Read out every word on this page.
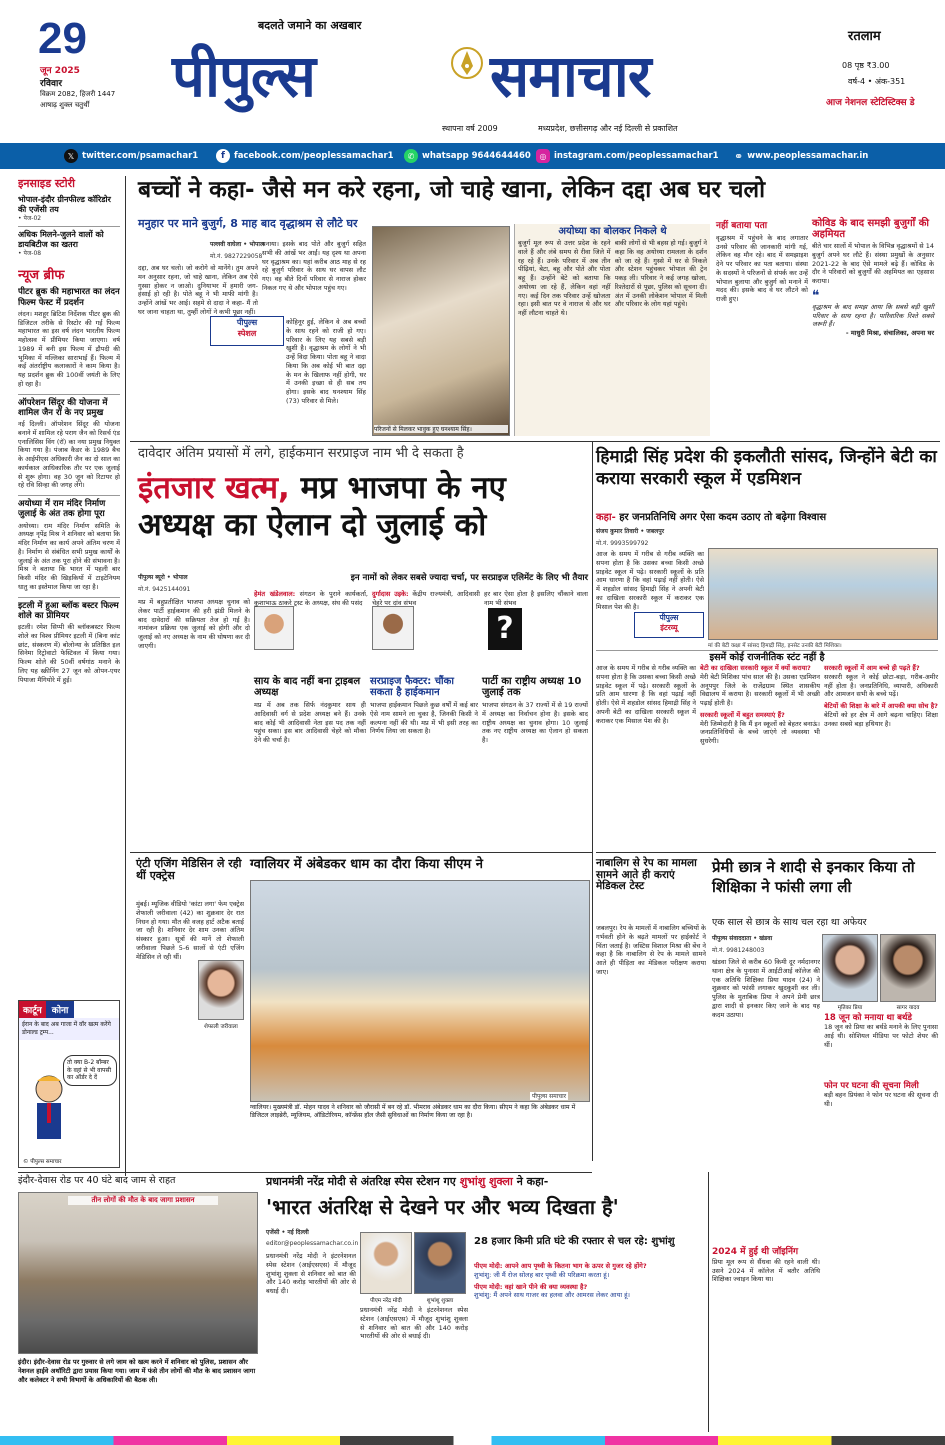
29
जून 2025
रविवार
विक्रम 2082, हिजरी 1447
आषाढ़ शुक्ल चतुर्थी
बदलते जमाने का अखबार
पीपुल्स	समाचार
स्थापना वर्ष 2009	मध्यप्रदेश, छत्तीसगढ़ और नई दिल्ली से प्रकाशित
रतलाम
08 पृष्ठ ₹3.00
वर्ष-4 • अंक-351
आज नेशनल स्टेटिस्टिक्स डे
𝕏 twitter.com/psamachar1	f	facebook.com/peoplessamachar1	✆ whatsapp 9644644460	◎ instagram.com/peoplessamachar1 ⚭ www.peoplessamachar.in
इनसाइड स्टोरी
भोपाल-इंदौर ग्रीनफील्ड कॉरिडोर की एजेंसी तय
• पेज-02
अधिक मिलने-जुलने वालों को डायबिटीज का खतरा
• पेज-08
न्यूज ब्रीफ
पीटर ब्रुक की महाभारत का लंदन फिल्म फेस्ट में प्रदर्शन
लंदन। मशहूर ब्रिटिश निर्देशक पीटर ब्रुक की डिजिटल तरीके से रिस्टोर की गई फिल्म महाभारत का इस वर्ष लंदन भारतीय फिल्म महोत्सव में प्रीमियर किया जाएगा। वर्ष 1989 में बनी इस फिल्म में द्रौपदी की भूमिका में मल्लिका साराभाई हैं। फिल्म में कई अंतर्राष्ट्रीय कलाकारों ने काम किया है। यह प्रदर्शन ब्रुक की 100वीं जयंती के लिए हो रहा है।
ऑपरेशन सिंदूर की योजना में शामिल जैन रॉ के नए प्रमुख
नई दिल्ली। ऑपरेशन सिंदूर की योजना बनाने में शामिल रहे पराग जैन को रिसर्च एंड एनालिसिस विंग (रॉ) का नया प्रमुख नियुक्त किया गया है। पंजाब कैडर के 1989 बैच के आईपीएस अधिकारी जैन का दो साल का कार्यकाल आधिकारिक तौर पर एक जुलाई से शुरू होगा। वह 30 जून को रिटायर हो रहे रवि सिन्हा की जगह लेंगे।
अयोध्या में राम मंदिर निर्माण जुलाई के अंत तक होगा पूरा
अयोध्या। राम मंदिर निर्माण समिति के अध्यक्ष नृपेंद्र मिश्र ने शनिवार को बताया कि मंदिर निर्माण का कार्य अपने अंतिम चरण में है। निर्माण से संबंधित सभी प्रमुख कार्यों के जुलाई के अंत तक पूरा होने की संभावना है। मिश्र ने बताया कि भारत में पहली बार किसी मंदिर की खिड़कियों में टाइटेनियम धातु का इस्तेमाल किया जा रहा है।
इटली में हुआ ब्लॉक बस्टर फिल्म शोले का प्रीमियर
इटली। रमेश सिप्पी की ब्लॉकबस्टर फिल्म शोले का विश्व प्रीमियर इटली में (बिना कांट छांट, संस्करण में) बोलोन्या के प्रतिष्ठित इल सिनेमा रिट्रोवाटो फेस्टिवल में किया गया। फिल्म शोले की 50वीं वर्षगांठ मनाने के लिए यह स्क्रीनिंग 27 जून को ओपन-एयर पियाजा मैगियोरे में हुई।
कार्टून	कोना
ईरान के बाद अब गाजा में वॉर खत्म करेंगे डोनाल्ड ट्रम्प...
तो क्या B-2 बॉम्बर के वहां से भी वापसी का ऑर्डर दे दें
© पीपुल्स समाचार
बच्चों ने कहा- जैसे मन करे रहना, जो चाहे खाना, लेकिन दद्दा अब घर चलो
मनुहार पर माने बुजुर्ग, 8 माह बाद वृद्धाश्रम से लौटे घर
पल्लवी वाघेला • भोपाल
मो.नं. 9827229058
दद्दा, अब घर चलो। जो करोगे वो मानेंगे। तुम अपने मन अनुसार रहना, जो चाहे खाना, लेकिन अब ऐसे गुस्सा होकर न जाओ। दुनियाभर में हमारी जग-हंसाई हो रही है। पोते बहू ने भी माफी मांगी है। उन्होंने आंखें भर आई। सहमे से दादा ने कहा- मैं तो घर जाना चाहता था, तुम्हीं लोगों ने कभी पूछा नहीं।
बनाया। इसके बाद पोते और बुजुर्ग सहित सभी की आंखें भर आईं। यह दृश्य था अपना घर वृद्धाश्रम का। यहां करीब आठ माह से रह रहे बुजुर्ग परिवार के साथ घर वापस लौट गए। वह बीते दिनों परिवार से नाराज होकर निकल गए थे और भोपाल पहुंच गए।
पीपुल्स
स्पेशल
कोहिनूर हुई, लेकिन वे अब बच्चों के साथ रहने को राजी हो गए। परिवार के लिए यह सबसे बड़ी खुशी है। वृद्धाश्रम के लोगों ने भी उन्हें विदा किया। पोता बहू ने वादा किया कि अब कोई भी बात दद्दा के मन के खिलाफ नहीं होगी, घर में उनकी इच्छा से ही सब तय होगा। इसके बाद घनश्याम सिंह (73) परिवार से मिले।
परिजनों से मिलकर भावुक हुए घनश्याम सिंह।
अयोध्या का बोलकर निकले थे
बुजुर्ग मूल रूप से उत्तर प्रदेश के रहने वाले हैं और लंबे समय से रीवा जिले में रह रहे हैं। उनके परिवार में अब तीन पीढ़ियां, बेटा, बहू और पोते और पोता बहू हैं। उन्होंने बेटे को बताया कि अयोध्या जा रहे हैं, लेकिन वहां नहीं गए। कई दिन तक परिवार उन्हें खोजता रहा। इसी बात पर वे नाराज थे और घर नहीं लौटना चाहते थे।
बाकी लोगों से भी बहस हो गई। बुजुर्ग ने कहा कि वह अयोध्या रामलला के दर्शन को जा रहे हैं। गुस्से में घर से निकले और स्टेशन पहुंचकर भोपाल की ट्रेन पकड़ ली। परिवार ने कई जगह खोजा, रिश्तेदारों से पूछा, पुलिस को सूचना दी। अंत में उनकी लोकेशन भोपाल में मिली और परिवार के लोग यहां पहुंचे।
नहीं बताया पता
वृद्धाश्रम में पहुंचने के बाद लगातार उनसे परिवार की जानकारी मांगी गई, लेकिन वह मौन रहे। बाद में समझाइश देने पर परिवार का पता बताया। संस्था के सदस्यों ने परिजनों से संपर्क कर उन्हें भोपाल बुलाया और बुजुर्ग को मनाने में मदद की। इसके बाद वे घर लौटने को राजी हुए।
कोविड के बाद समझी बुजुर्गों की अहमियत
बीते चार सालों में भोपाल के विभिन्न वृद्धाश्रमों से 14 बुजुर्ग अपने घर लौटे हैं। संस्था प्रमुखों के अनुसार 2021-22 के बाद ऐसे मामले बढ़े हैं। कोविड के दौर ने परिवारों को बुजुर्गों की अहमियत का एहसास कराया।
❝
वृद्धाश्रम के बाद समझ आया कि सबसे बड़ी खुशी परिवार के साथ रहना है। पारिवारिक रिश्ते सबसे जरूरी हैं।
- माधुरी मिश्रा, संचालिका, अपना घर
दावेदार अंतिम प्रयासों में लगे, हाईकमान सरप्राइज नाम भी दे सकता है
इंतजार खत्म, मप्र भाजपा के नए अध्यक्ष का ऐलान दो जुलाई को
पीपुल्स ब्यूरो • भोपाल
मो.नं. 9425144091
इन नामों को लेकर सबसे ज्यादा चर्चा, पर सरप्राइज एलिमेंट के लिए भी तैयार
मप्र में बहुप्रतीक्षित भाजपा अध्यक्ष चुनाव को लेकर पार्टी हाईकमान की हरी झंडी मिलने के बाद दावेदारों की सक्रियता तेज हो गई है। नामांकन प्रक्रिया एक जुलाई को होगी और दो जुलाई को नए अध्यक्ष के नाम की घोषणा कर दी जाएगी।
हेमंत खंडेलवाल: संगठन के पुराने कार्यकर्ता, कुशाभाऊ ठाकरे ट्रस्ट के अध्यक्ष, संघ की पसंद
दुर्गादास उइके: केंद्रीय राज्यमंत्री, आदिवासी चेहरे पर दांव संभव
हर बार ऐसा होता है इसलिए चौंकाने वाला नाम भी संभव
?
साय के बाद नहीं बना ट्राइबल अध्यक्ष
मप्र में अब तक सिर्फ नंदकुमार साय ही आदिवासी वर्ग से प्रदेश अध्यक्ष बने हैं। उनके बाद कोई भी आदिवासी नेता इस पद तक नहीं पहुंच सका। इस बार आदिवासी चेहरे को मौका देने की चर्चा है।
सरप्राइज फैक्टर: चौंका सकता है हाईकमान
भाजपा हाईकमान पिछले कुछ वर्षों में कई बार ऐसे नाम सामने ला चुका है, जिनकी किसी ने कल्पना नहीं की थी। मप्र में भी इसी तरह का निर्णय लिया जा सकता है।
पार्टी का राष्ट्रीय अध्यक्ष 10 जुलाई तक
भाजपा संगठन के 37 राज्यों में से 19 राज्यों में अध्यक्ष का निर्वाचन होना है। इसके बाद राष्ट्रीय अध्यक्ष का चुनाव होगा। 10 जुलाई तक नए राष्ट्रीय अध्यक्ष का ऐलान हो सकता है।
हिमाद्री सिंह प्रदेश की इकलौती सांसद, जिन्होंने बेटी का कराया सरकारी स्कूल में एडमिशन
कहा- हर जनप्रतिनिधि अगर ऐसा कदम उठाए तो बढ़ेगा विश्वास
संजय कुमार तिवारी • जबलपुर
मो.नं. 9993599792
आज के समय में गरीब से गरीब व्यक्ति का सपना होता है कि उसका बच्चा किसी अच्छे प्राइवेट स्कूल में पढ़े। सरकारी स्कूलों के प्रति आम धारणा है कि वहां पढ़ाई नहीं होती। ऐसे में शहडोल सांसद हिमाद्री सिंह ने अपनी बेटी का दाखिला सरकारी स्कूल में कराकर एक मिसाल पेश की है।
पीपुल्स
इंटरव्यू
मां की बेटी कक्षा में सांसद हिमाद्री सिंह, इनसेट उनकी बेटी मिशिका।
इसमें कोई राजनीतिक स्टंट नहीं है
बेटी का दाखिला सरकारी स्कूल में क्यों कराया?
मेरी बेटी मिशिका पांच साल की है। उसका एडमिशन अनूपपुर जिले के राजेंद्रग्राम स्थित शासकीय विद्यालय में कराया है। सरकारी स्कूलों में भी अच्छी पढ़ाई होती है।
सरकारी स्कूलों में बहुत समस्याएं हैं?
मेरी जिम्मेदारी है कि मैं इन स्कूलों को बेहतर बनाऊं। जनप्रतिनिधियों के बच्चे जाएंगे तो व्यवस्था भी सुधरेगी।
सरकारी स्कूलों में आम बच्चे ही पढ़ते हैं?
सरकारी स्कूल ने कोई छोटा-बड़ा, गरीब-अमीर नहीं होता है। जनप्रतिनिधि, व्यापारी, अधिकारी और आमजन सभी के बच्चे पढ़ें।
बेटियों की शिक्षा के बारे में आपकी क्या सोच है?
बेटियों को हर क्षेत्र में आगे बढ़ना चाहिए। शिक्षा उनका सबसे बड़ा हथियार है।
आज के समय में गरीब से गरीब व्यक्ति का सपना होता है कि उसका बच्चा किसी अच्छे प्राइवेट स्कूल में पढ़े। सरकारी स्कूलों के प्रति आम धारणा है कि वहां पढ़ाई नहीं होती। ऐसे में शहडोल सांसद हिमाद्री सिंह ने अपनी बेटी का दाखिला सरकारी स्कूल में कराकर एक मिसाल पेश की है।
एंटी एजिंग मेडिसिन ले रही थीं एक्ट्रेस
मुंबई। म्यूजिक वीडियो 'कांटा लगा' फेम एक्ट्रेस शेफाली जरीवाला (42) का शुक्रवार देर रात निधन हो गया। मौत की वजह हार्ट अटैक बताई जा रही है। शनिवार देर शाम उनका अंतिम संस्कार हुआ। सूत्रों की मानें तो शेफाली जरीवाला पिछले 5-6 सालों से एंटी एजिंग मेडिसिन ले रही थीं।
शेफाली जरीवाला
ग्वालियर में अंबेडकर धाम का दौरा किया सीएम ने
ग्वालियर। मुख्यमंत्री डॉ. मोहन यादव ने शनिवार को जौरासी में बन रहे डॉ. भीमराव अंबेडकर धाम का दौरा किया। सीएम ने कहा कि अंबेडकर धाम में डिजिटल लाइब्रेरी, म्यूजियम, ऑडिटोरियम, कॉन्फ्रेंस हॉल जैसी सुविधाओं का निर्माण किया जा रहा है।
पीपुल्स समाचार
नाबालिग से रेप का मामला सामने आते ही कराएं मेडिकल टेस्ट
जबलपुर। रेप के मामलों में नाबालिग बच्चियों के गर्भवती होने के बढ़ते मामलों पर हाईकोर्ट ने चिंता जताई है। जस्टिस विशाल मिश्रा की बेंच ने कहा है कि नाबालिग से रेप के मामले सामने आते ही पीड़िता का मेडिकल परीक्षण कराया जाए।
प्रेमी छात्र ने शादी से इनकार किया तो शिक्षिका ने फांसी लगा ली
एक साल से छात्र के साथ चल रहा था अफेयर
पीपुल्स संवाददाता • खंडवा
मो.नं. 9981248003
मृतिका प्रिया	सागर यादव
खंडवा जिले से करीब 60 किमी दूर नर्मदानगर थाना क्षेत्र के पुनासा में आईटीआई कॉलेज की एक अतिथि शिक्षिका प्रिया यादव (24) ने शुक्रवार को फांसी लगाकर खुदकुशी कर ली। पुलिस के मुताबिक प्रिया ने अपने प्रेमी छात्र द्वारा शादी से इनकार किए जाने के बाद यह कदम उठाया।	18 जून को मनाया था बर्थडे
18 जून को प्रिया का बर्थडे मनाने के लिए पुनासा आई थी। सोशियल मीडिया पर फोटो शेयर की थीं।
फोन पर घटना की सूचना मिली
बड़ी बहन प्रियंका ने फोन पर घटना की सूचना दी थी।
2024 में हुई थी जॉइनिंग
प्रिया मूल रूप से सैंधवा की रहने वाली थी। उसने 2024 में कॉलेज में बतौर अतिथि शिक्षिका ज्वाइन किया था।
इंदौर-देवास रोड पर 40 घंटे बाद जाम से राहत
तीन लोगों की मौत के बाद जागा प्रशासन
इंदौर। इंदौर-देवास रोड पर गुरुवार से लगे जाम को खत्म करने में शनिवार को पुलिस, प्रशासन और नेशनल हाईवे अथॉरिटी द्वारा प्रयास किया गया। जाम में फंसे तीन लोगों की मौत के बाद प्रशासन जागा और कलेक्टर ने सभी विभागों के अधिकारियों की बैठक ली।
प्रधानमंत्री नरेंद्र मोदी से अंतरिक्ष स्पेस स्टेशन गए शुभांशु शुक्ला ने कहा-
'भारत अंतरिक्ष से देखने पर और भव्य दिखता है'
एजेंसी • नई दिल्ली
editor@peoplessamachar.co.in
पीएम नरेंद्र मोदी	शुभांशु शुक्ला
प्रधानमंत्री नरेंद्र मोदी ने इंटरनेशनल स्पेस स्टेशन (आईएसएस) में मौजूद शुभांशु शुक्ला से शनिवार को बात की और 140 करोड़ भारतीयों की ओर से बधाई दी।
28 हजार किमी प्रति घंटे की रफ्तार से चल रहे: शुभांशु
पीएम मोदी: आपने आप पृथ्वी के कितना भाग के ऊपर से गुजर रहे होंगे?
शुभांशु: जी मैं रोज सोलह बार पृथ्वी की परिक्रमा करता हूं।
पीएम मोदी: वहां खाने पीने की क्या व्यवस्था है?
शुभांशु: मैं अपने साथ गाजर का हलवा और आमरस लेकर आया हूं।
प्रधानमंत्री नरेंद्र मोदी ने इंटरनेशनल स्पेस स्टेशन (आईएसएस) में मौजूद शुभांशु शुक्ला से शनिवार को बात की और 140 करोड़ भारतीयों की ओर से बधाई दी।
